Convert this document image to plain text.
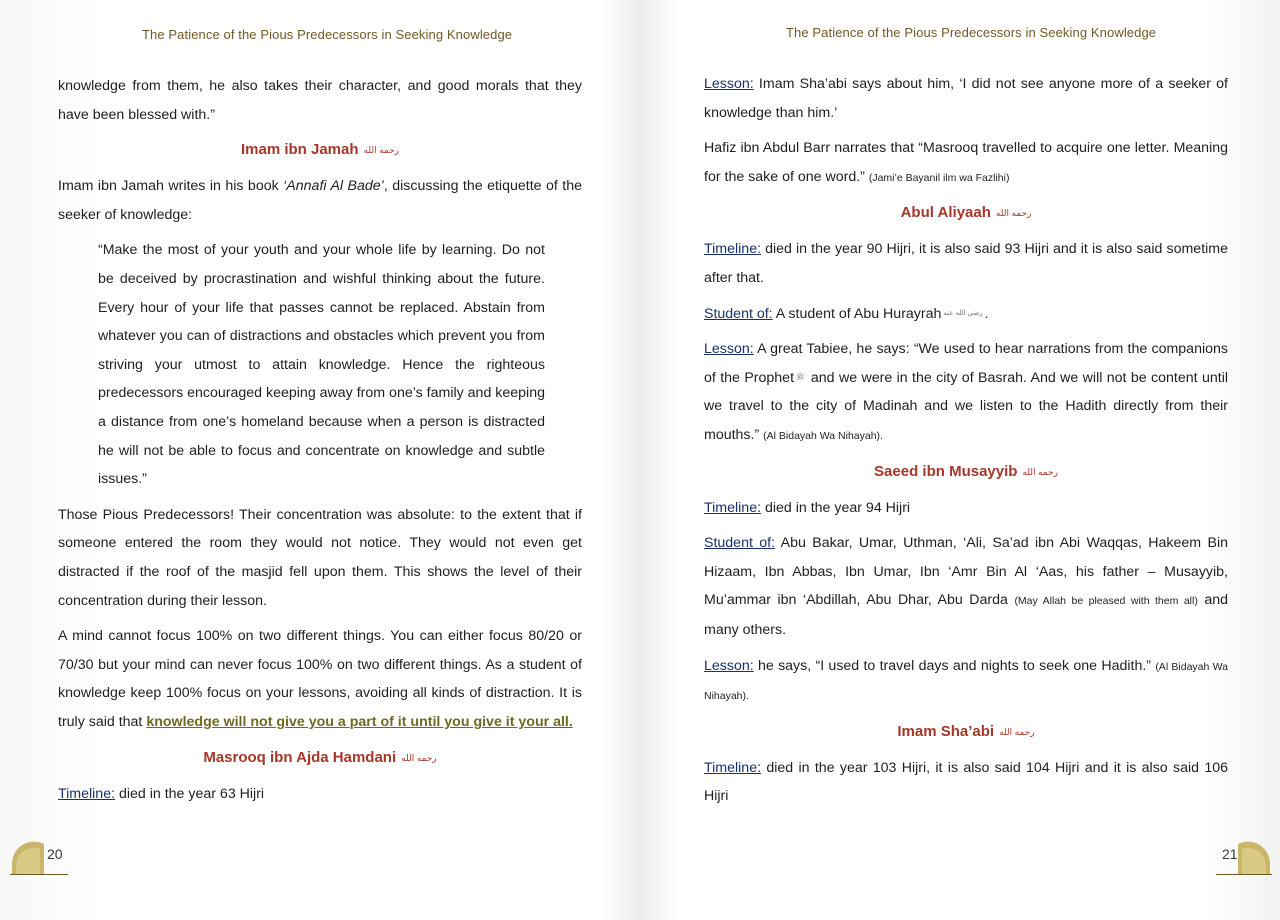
The Patience of the Pious Predecessors in Seeking Knowledge

knowledge from them, he also takes their character, and good morals that they have been blessed with.”

Imam ibn Jamah رحمه الله

Imam ibn Jamah writes in his book ‘Annafi Al Bade’, discussing the etiquette of the seeker of knowledge:

“Make the most of your youth and your whole life by learning. Do not be deceived by procrastination and wishful thinking about the future. Every hour of your life that passes cannot be replaced. Abstain from whatever you can of distractions and obstacles which prevent you from striving your utmost to attain knowledge. Hence the righteous predecessors encouraged keeping away from one’s family and keeping a distance from one’s homeland because when a person is distracted he will not be able to focus and concentrate on knowledge and subtle issues.”

Those Pious Predecessors! Their concentration was absolute: to the extent that if someone entered the room they would not notice. They would not even get distracted if the roof of the masjid fell upon them. This shows the level of their concentration during their lesson.

A mind cannot focus 100% on two different things. You can either focus 80/20 or 70/30 but your mind can never focus 100% on two different things. As a student of knowledge keep 100% focus on your lessons, avoiding all kinds of distraction. It is truly said that knowledge will not give you a part of it until you give it your all.

Masrooq ibn Ajda Hamdani رحمه الله

Timeline: died in the year 63 Hijri

20
The Patience of the Pious Predecessors in Seeking Knowledge

Lesson: Imam Sha’abi says about him, ‘I did not see anyone more of a seeker of knowledge than him.’

Hafiz ibn Abdul Barr narrates that “Masrooq travelled to acquire one letter. Meaning for the sake of one word.” (Jami’e Bayanil ilm wa Fazlihi)

Abul Aliyaah رحمه الله

Timeline: died in the year 90 Hijri, it is also said 93 Hijri and it is also said sometime after that.

Student of: A student of Abu Hurayrah رضي الله عنه .

Lesson: A great Tabiee, he says: “We used to hear narrations from the companions of the Prophet ﷺ and we were in the city of Basrah. And we will not be content until we travel to the city of Madinah and we listen to the Hadith directly from their mouths.” (Al Bidayah Wa Nihayah).

Saeed ibn Musayyib رحمه الله

Timeline: died in the year 94 Hijri

Student of: Abu Bakar, Umar, Uthman, ‘Ali, Sa’ad ibn Abi Waqqas, Hakeem Bin Hizaam, Ibn Abbas, Ibn Umar, Ibn ‘Amr Bin Al ‘Aas, his father – Musayyib, Mu’ammar ibn ‘Abdillah, Abu Dhar, Abu Darda (May Allah be pleased with them all) and many others.

Lesson: he says, “I used to travel days and nights to seek one Hadith.” (Al Bidayah Wa Nihayah).

Imam Sha’abi رحمه الله

Timeline: died in the year 103 Hijri, it is also said 104 Hijri and it is also said 106 Hijri

21
